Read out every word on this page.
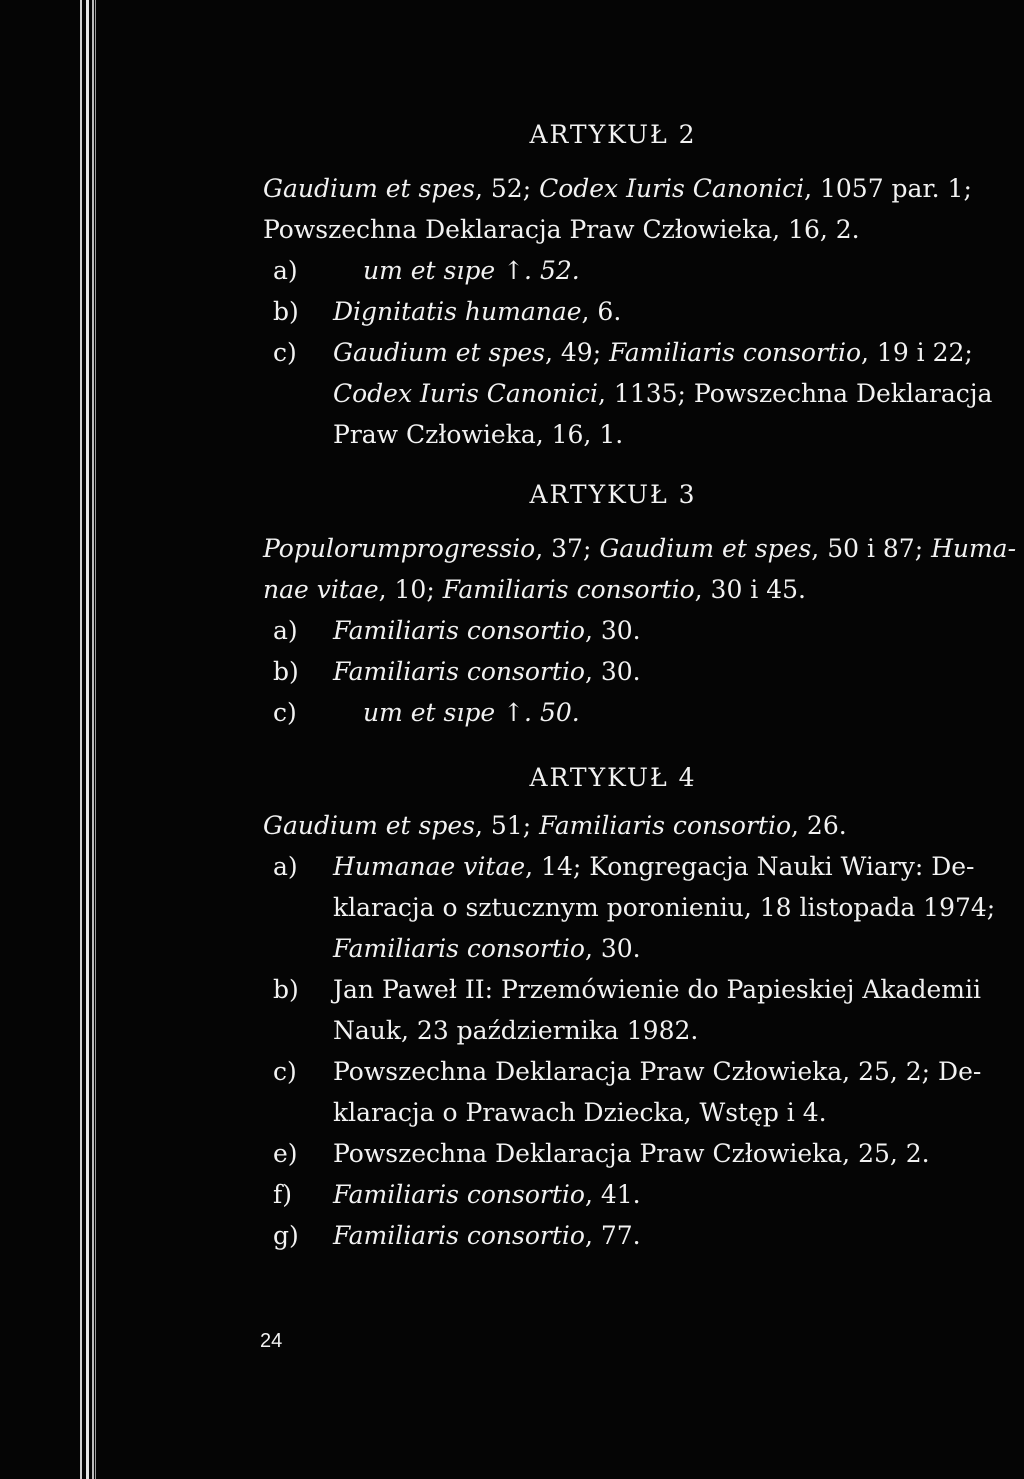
ARTYKUŁ 2
Gaudium et spes, 52; Codex Iuris Canonici, 1057 par. 1;
Powszechna Deklaracja Praw Człowieka, 16, 2.
a)	um et sıpe ↑. 52.
b) Dignitatis humanae, 6.
c) Gaudium et spes, 49; Familiaris consortio, 19 i 22;
Codex Iuris Canonici, 1135; Powszechna Deklaracja
Praw Człowieka, 16, 1.
ARTYKUŁ 3
Populorumprogressio, 37; Gaudium et spes, 50 i 87; Huma-
nae vitae, 10; Familiaris consortio, 30 i 45.
a) Familiaris consortio, 30.
b) Familiaris consortio, 30.
c)	um et sıpe ↑. 50.
ARTYKUŁ 4
Gaudium et spes, 51; Familiaris consortio, 26.
a) Humanae vitae, 14; Kongregacja Nauki Wiary: De-
klaracja o sztucznym poronieniu, 18 listopada 1974;
Familiaris consortio, 30.
b) Jan Paweł II: Przemówienie do Papieskiej Akademii
Nauk, 23 października 1982.
c) Powszechna Deklaracja Praw Człowieka, 25, 2; De-
klaracja o Prawach Dziecka, Wstęp i 4.
e) Powszechna Deklaracja Praw Człowieka, 25, 2.
f) Familiaris consortio, 41.
g) Familiaris consortio, 77.
24
